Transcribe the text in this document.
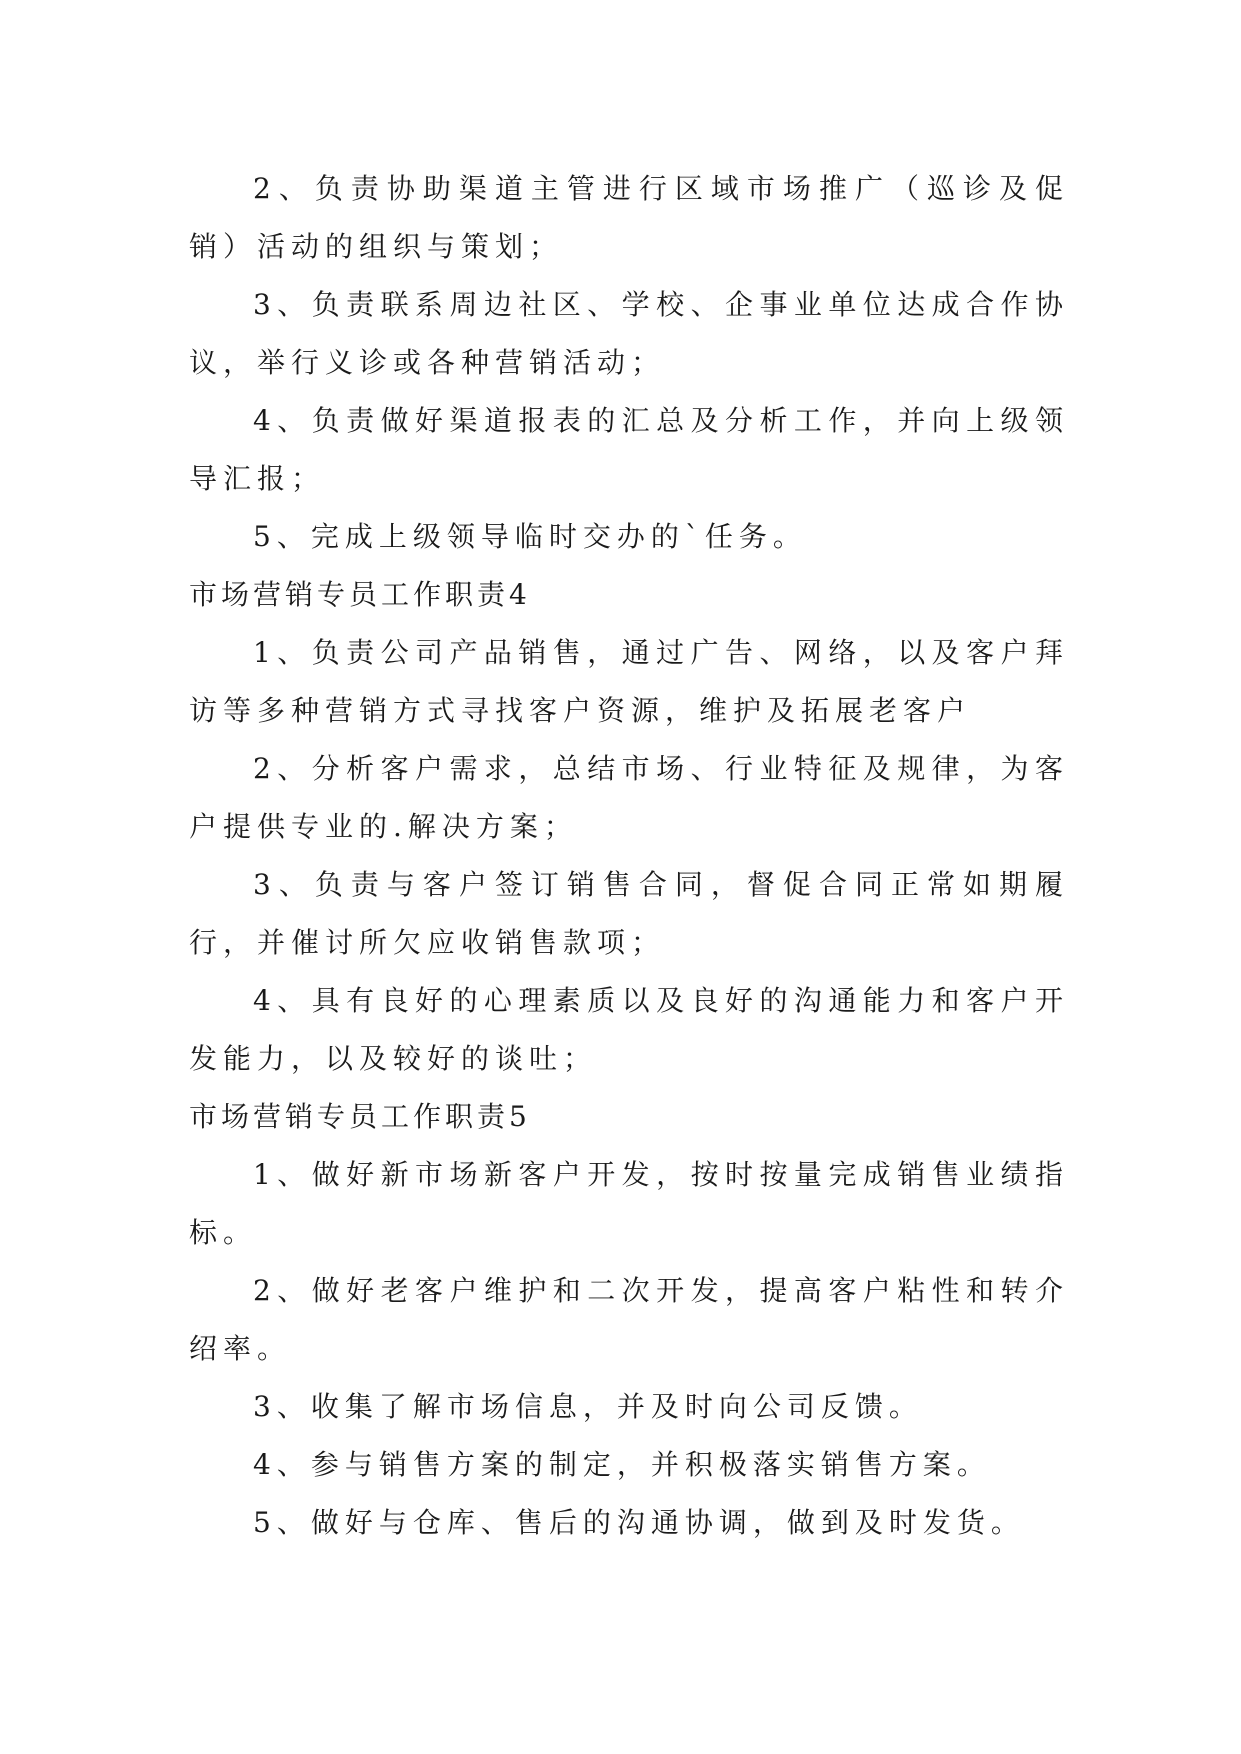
2、负责协助渠道主管进行区域市场推广（巡诊及促销）活动的组织与策划；

3、负责联系周边社区、学校、企事业单位达成合作协议，举行义诊或各种营销活动；

4、负责做好渠道报表的汇总及分析工作，并向上级领导汇报；

5、完成上级领导临时交办的`任务。

市场营销专员工作职责4

1、负责公司产品销售，通过广告、网络，以及客户拜访等多种营销方式寻找客户资源，维护及拓展老客户

2、分析客户需求，总结市场、行业特征及规律，为客户提供专业的.解决方案；

3、负责与客户签订销售合同，督促合同正常如期履行，并催讨所欠应收销售款项；

4、具有良好的心理素质以及良好的沟通能力和客户开发能力，以及较好的谈吐；

市场营销专员工作职责5

1、做好新市场新客户开发，按时按量完成销售业绩指标。

2、做好老客户维护和二次开发，提高客户粘性和转介绍率。

3、收集了解市场信息，并及时向公司反馈。

4、参与销售方案的制定，并积极落实销售方案。

5、做好与仓库、售后的沟通协调，做到及时发货。
